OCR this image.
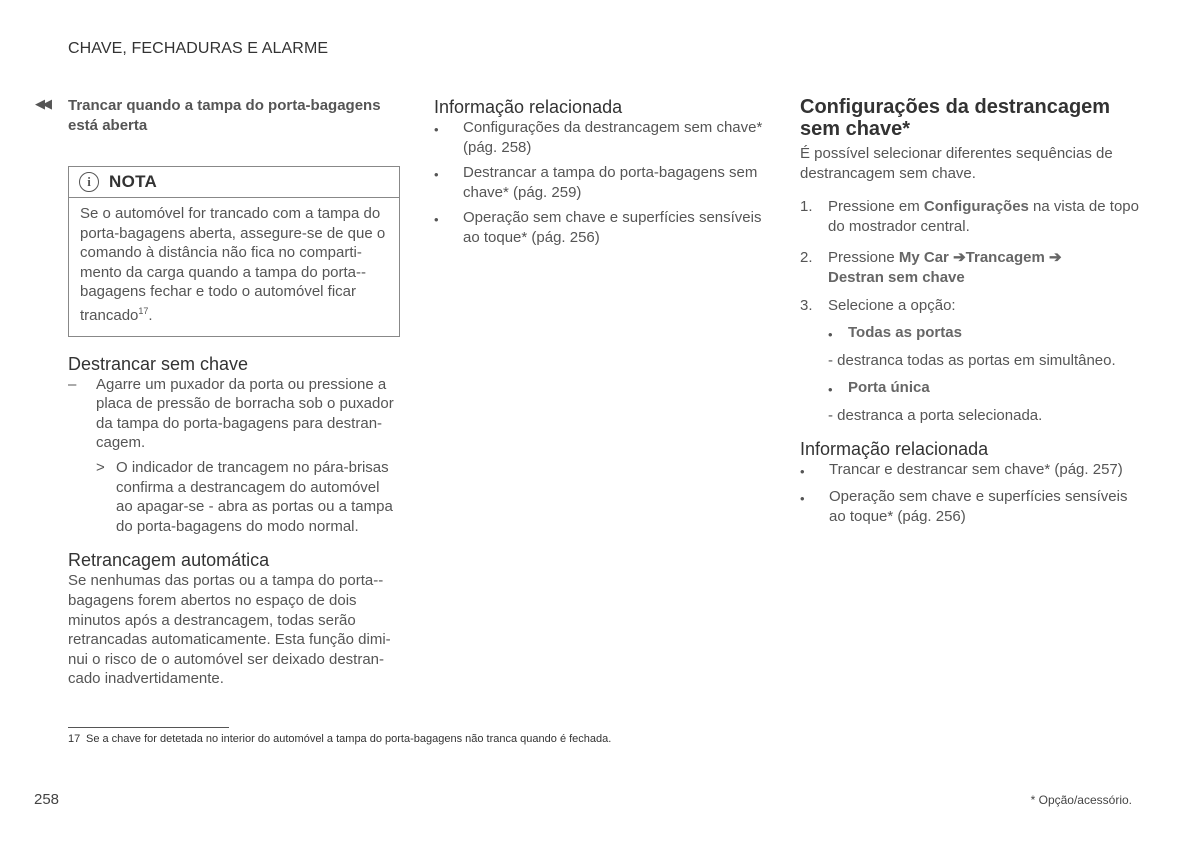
CHAVE, FECHADURAS E ALARME
◀◀ Trancar quando a tampa do porta-bagagens está aberta
i	NOTA
Se o automóvel for trancado com a tampa do porta-bagagens aberta, assegure-se de que o comando à distância não fica no comparti-mento da carga quando a tampa do porta--bagagens fechar e todo o automóvel ficar trancado$^{17}$.
Destrancar sem chave
–	Agarre um puxador da porta ou pressione a placa de pressão de borracha sob o puxador da tampa do porta-bagagens para destran-cagem.
> O indicador de trancagem no pára-brisas confirma a destrancagem do automóvel ao apagar-se - abra as portas ou a tampa do porta-bagagens do modo normal.
Retrancagem automática
Se nenhumas das portas ou a tampa do porta--bagagens forem abertos no espaço de dois minutos após a destrancagem, todas serão retrancadas automaticamente. Esta função dimi-nui o risco de o automóvel ser deixado destran-cado inadvertidamente.
Informação relacionada
•	Configurações da destrancagem sem chave* (pág. 258)
•	Destrancar a tampa do porta-bagagens sem chave* (pág. 259)
•	Operação sem chave e superfícies sensíveis ao toque* (pág. 256)
Configurações da destrancagem sem chave*
É possível selecionar diferentes sequências de destrancagem sem chave.
1.	Pressione em Configurações na vista de topo do mostrador central.
2.	Pressione My Car ➔Trancagem ➔
Destran sem chave
3.	Selecione a opção:
•	Todas as portas
- destranca todas as portas em simultâneo.
•	Porta única
- destranca a porta selecionada.
Informação relacionada
•	Trancar e destrancar sem chave* (pág. 257)
•	Operação sem chave e superfícies sensíveis ao toque* (pág. 256)
17 Se a chave for detetada no interior do automóvel a tampa do porta-bagagens não tranca quando é fechada.
258	* Opção/acessório.
